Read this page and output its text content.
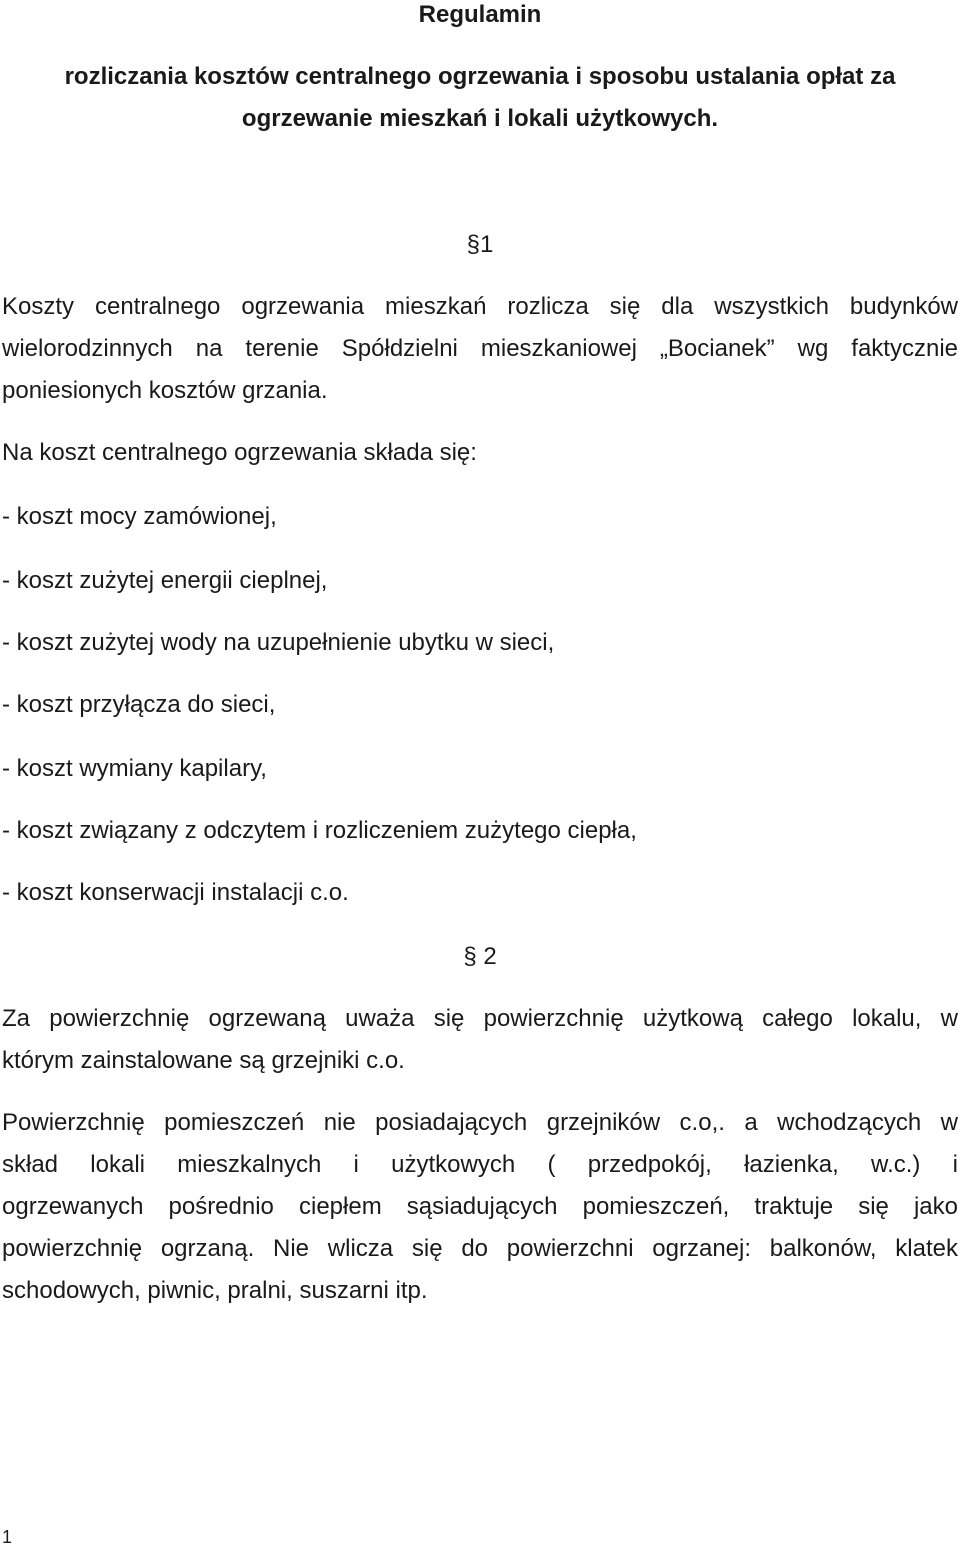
Regulamin

rozliczania kosztów centralnego ogrzewania i sposobu ustalania opłat za

ogrzewanie mieszkań i lokali użytkowych.

§1

Koszty centralnego ogrzewania mieszkań rozlicza się dla wszystkich budynków

wielorodzinnych na terenie Spółdzielni mieszkaniowej „Bocianek” wg faktycznie

poniesionych kosztów grzania.

Na koszt centralnego ogrzewania składa się:

- koszt mocy zamówionej,

- koszt zużytej energii cieplnej,

- koszt zużytej wody na uzupełnienie ubytku w sieci,

- koszt przyłącza do sieci,

- koszt wymiany kapilary,

- koszt związany z odczytem i rozliczeniem zużytego ciepła,

- koszt konserwacji instalacji c.o.

§ 2

Za powierzchnię ogrzewaną uważa się powierzchnię użytkową całego lokalu, w

którym zainstalowane są grzejniki c.o.

Powierzchnię pomieszczeń nie posiadających grzejników c.o,. a wchodzących w

skład lokali mieszkalnych i użytkowych ( przedpokój, łazienka, w.c.) i

ogrzewanych pośrednio ciepłem sąsiadujących pomieszczeń, traktuje się jako

powierzchnię ogrzaną. Nie wlicza się do powierzchni ogrzanej: balkonów, klatek

schodowych, piwnic, pralni, suszarni itp.

1
